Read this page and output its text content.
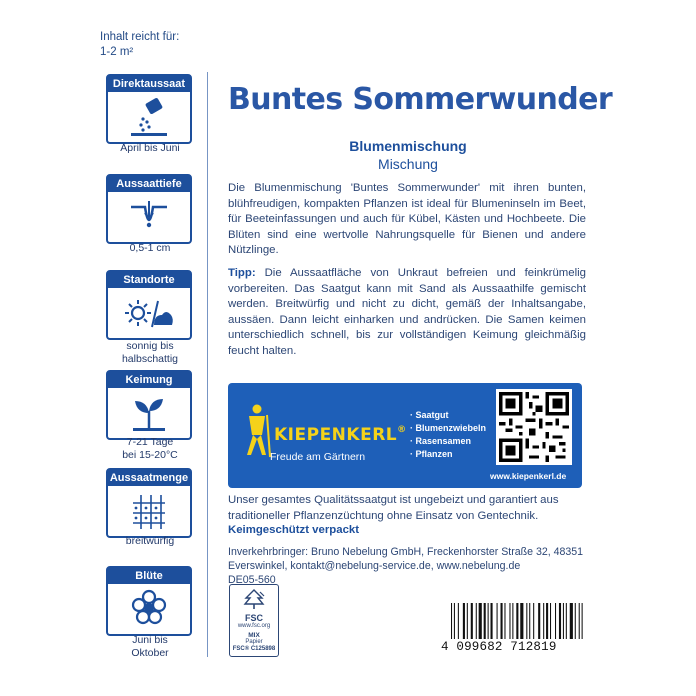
Inhalt reicht für:
1-2 m²
Direktaussaat
April bis Juni
Aussaattiefe
0,5-1 cm
Standorte
sonnig bis
halbschattig
Keimung
7-21 Tage
bei 15-20°C
Aussaatmenge
breitwürfig
Blüte
Juni bis
Oktober
Buntes Sommerwunder
Blumenmischung
Mischung

Die Blumenmischung 'Buntes Sommerwunder' mit ihren bunten, blühfreudigen, kompakten Pflanzen ist ideal für Blumeninseln im Beet, für Beeteinfassungen und auch für Kübel, Kästen und Hochbeete. Die Blüten sind eine wertvolle Nahrungsquelle für Bienen und andere Nützlinge.

Tipp: Die Aussaatfläche von Unkraut befreien und feinkrümelig vorbereiten. Das Saatgut kann mit Sand als Aussaathilfe gemischt werden. Breitwürfig und nicht zu dicht, gemäß der Inhaltsangabe, aussäen. Dann leicht einharken und andrücken. Die Samen keimen unterschiedlich schnell, bis zur vollständigen Keimung gleichmäßig feucht halten.

KIEPENKERL®
Freude am Gärtnern
· Saatgut
· Blumenzwiebeln
· Rasensamen
· Pflanzen
www.kiepenkerl.de
Unser gesamtes Qualitätssaatgut ist ungebeizt und garantiert aus traditioneller Pflanzenzüchtung ohne Einsatz von Gentechnik.
Keimgeschützt verpackt
Inverkehrbringer: Bruno Nebelung GmbH, Freckenhorster Straße 32, 48351 Everswinkel, kontakt@nebelung-service.de, www.nebelung.de
DE05-560
FSC
www.fsc.org
MIX
Papier
FSC® C125898	4 099682 712819
